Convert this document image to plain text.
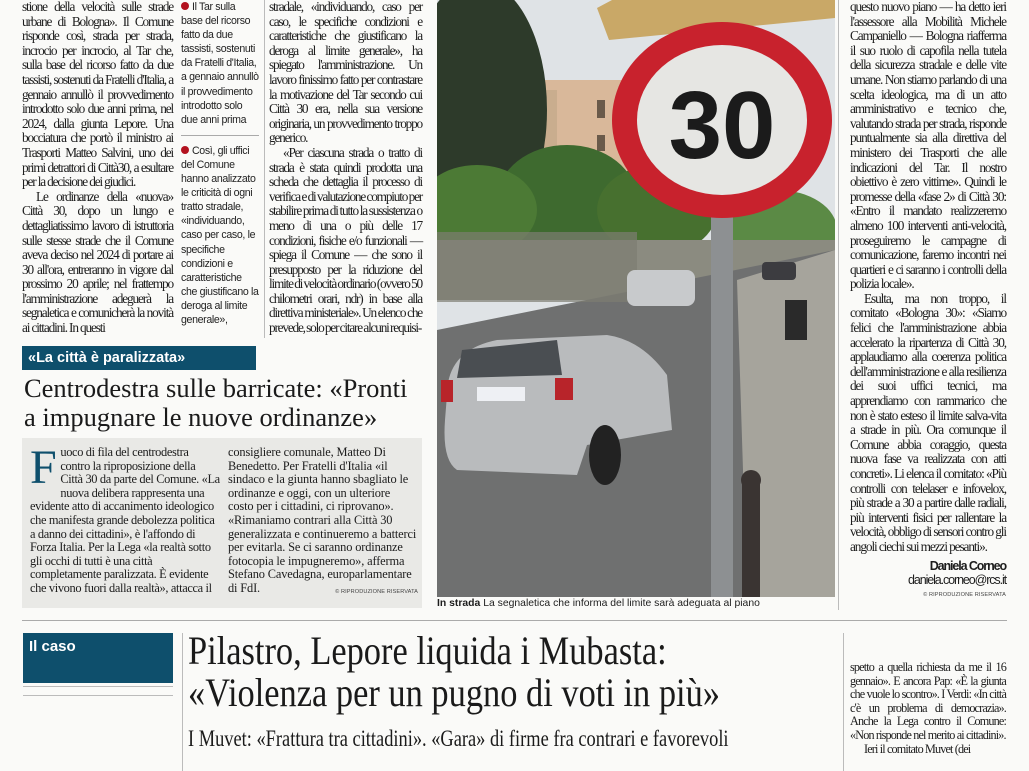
stione della velocità sulle strade urbane di Bologna». Il Comune risponde così, strada per strada, incrocio per incrocio, al Tar che, sulla base del ricorso fatto da due tassisti, sostenuti da Fratelli d'Italia, a gennaio annullò il provvedimento introdotto solo due anni prima, nel 2024, dalla giunta Lepore. Una bocciatura che portò il ministro ai Trasporti Matteo Salvini, uno dei primi detrattori di Città30, a esultare per la decisione dei giudici.

Le ordinanze della «nuova» Città 30, dopo un lungo e dettagliatissimo lavoro di istruttoria sulle stesse strade che il Comune aveva deciso nel 2024 di portare ai 30 all'ora, entreranno in vigore dal prossimo 20 aprile; nel frattempo l'amministrazione adeguerà la segnaletica e comunicherà la novità ai cittadini. In questi

Il Tar sulla base del ricorso fatto da due tassisti, sostenuti da Fratelli d'Italia, a gennaio annullò il provvedimento introdotto solo due anni prima

Così, gli uffici del Comune hanno analizzato le criticità di ogni tratto stradale, «individuando, caso per caso, le specifiche condizioni e caratteristiche che giustificano la deroga al limite generale»,

stradale, «individuando, caso per caso, le specifiche condizioni e caratteristiche che giustificano la deroga al limite generale», ha spiegato l'amministrazione. Un lavoro finissimo fatto per contrastare la motivazione del Tar secondo cui Città 30 era, nella sua versione originaria, un provvedimento troppo generico.

«Per ciascuna strada o tratto di strada è stata quindi prodotta una scheda che dettaglia il processo di verifica e di valutazione compiuto per stabilire prima di tutto la sussistenza o meno di una o più delle 17 condizioni, fisiche e/o funzionali — spiega il Comune — che sono il presupposto per la riduzione del limite di velocità ordinario (ovvero 50 chilometri orari, ndr) in base alla direttiva ministeriale». Un elenco che prevede, solo per citare alcuni requisi-

30
In strada La segnaletica che informa del limite sarà adeguata al piano

questo nuovo piano — ha detto ieri l'assessore alla Mobilità Michele Campaniello — Bologna riafferma il suo ruolo di capofila nella tutela della sicurezza stradale e delle vite umane. Non stiamo parlando di una scelta ideologica, ma di un atto amministrativo e tecnico che, valutando strada per strada, risponde puntualmente sia alla direttiva del ministero dei Trasporti che alle indicazioni del Tar. Il nostro obiettivo è zero vittime». Quindi le promesse della «fase 2» di Città 30: «Entro il mandato realizzeremo almeno 100 interventi anti-velocità, proseguiremo le campagne di comunicazione, faremo incontri nei quartieri e ci saranno i controlli della polizia locale».

Esulta, ma non troppo, il comitato «Bologna 30»: «Siamo felici che l'amministrazione abbia accelerato la ripartenza di Città 30, applaudiamo alla coerenza politica dell'amministrazione e alla resilienza dei suoi uffici tecnici, ma apprendiamo con rammarico che non è stato esteso il limite salva-vita a strade in più. Ora comunque il Comune abbia coraggio, questa nuova fase va realizzata con atti concreti». Li elenca il comitato: «Più controlli con telelaser e infovelox, più strade a 30 a partire dalle radiali, più interventi fisici per rallentare la velocità, obbligo di sensori contro gli angoli ciechi sui mezzi pesanti».

Daniela Corneo
daniela.corneo@rcs.it
© RIPRODUZIONE RISERVATA
«La città è paralizzata»
Centrodestra sulle barricate: «Pronti a impugnare le nuove ordinanze»
Fuoco di fila del centrodestra contro la riproposizione della Città 30 da parte del Comune. «La nuova delibera rappresenta una evidente atto di accanimento ideologico che manifesta grande debolezza politica a danno dei cittadini», è l'affondo di Forza Italia. Per la Lega «la realtà sotto gli occhi di tutti è una città completamente paralizzata. È evidente che vivono fuori dalla realtà», attacca il
consigliere comunale, Matteo Di Benedetto. Per Fratelli d'Italia «il sindaco e la giunta hanno sbagliato le ordinanze e oggi, con un ulteriore costo per i cittadini, ci riprovano». «Rimaniamo contrari alla Città 30 generalizzata e continueremo a batterci per evitarla. Se ci saranno ordinanze fotocopia le impugneremo», afferma Stefano Cavedagna, europarlamentare di FdI.	© RIPRODUZIONE RISERVATA
Il caso	Pilastro, Lepore liquida i Mubasta:
«Violenza per un pugno di voti in più»
I Muvet: «Frattura tra cittadini». «Gara» di firme fra contrari e favorevoli

spetto a quella richiesta da me il 16 gennaio». E ancora Pap: «È la giunta che vuole lo scontro». I Verdi: «In città c'è un problema di democrazia». Anche la Lega contro il Comune: «Non risponde nel merito ai cittadini».

Ieri il comitato Muvet (dei
